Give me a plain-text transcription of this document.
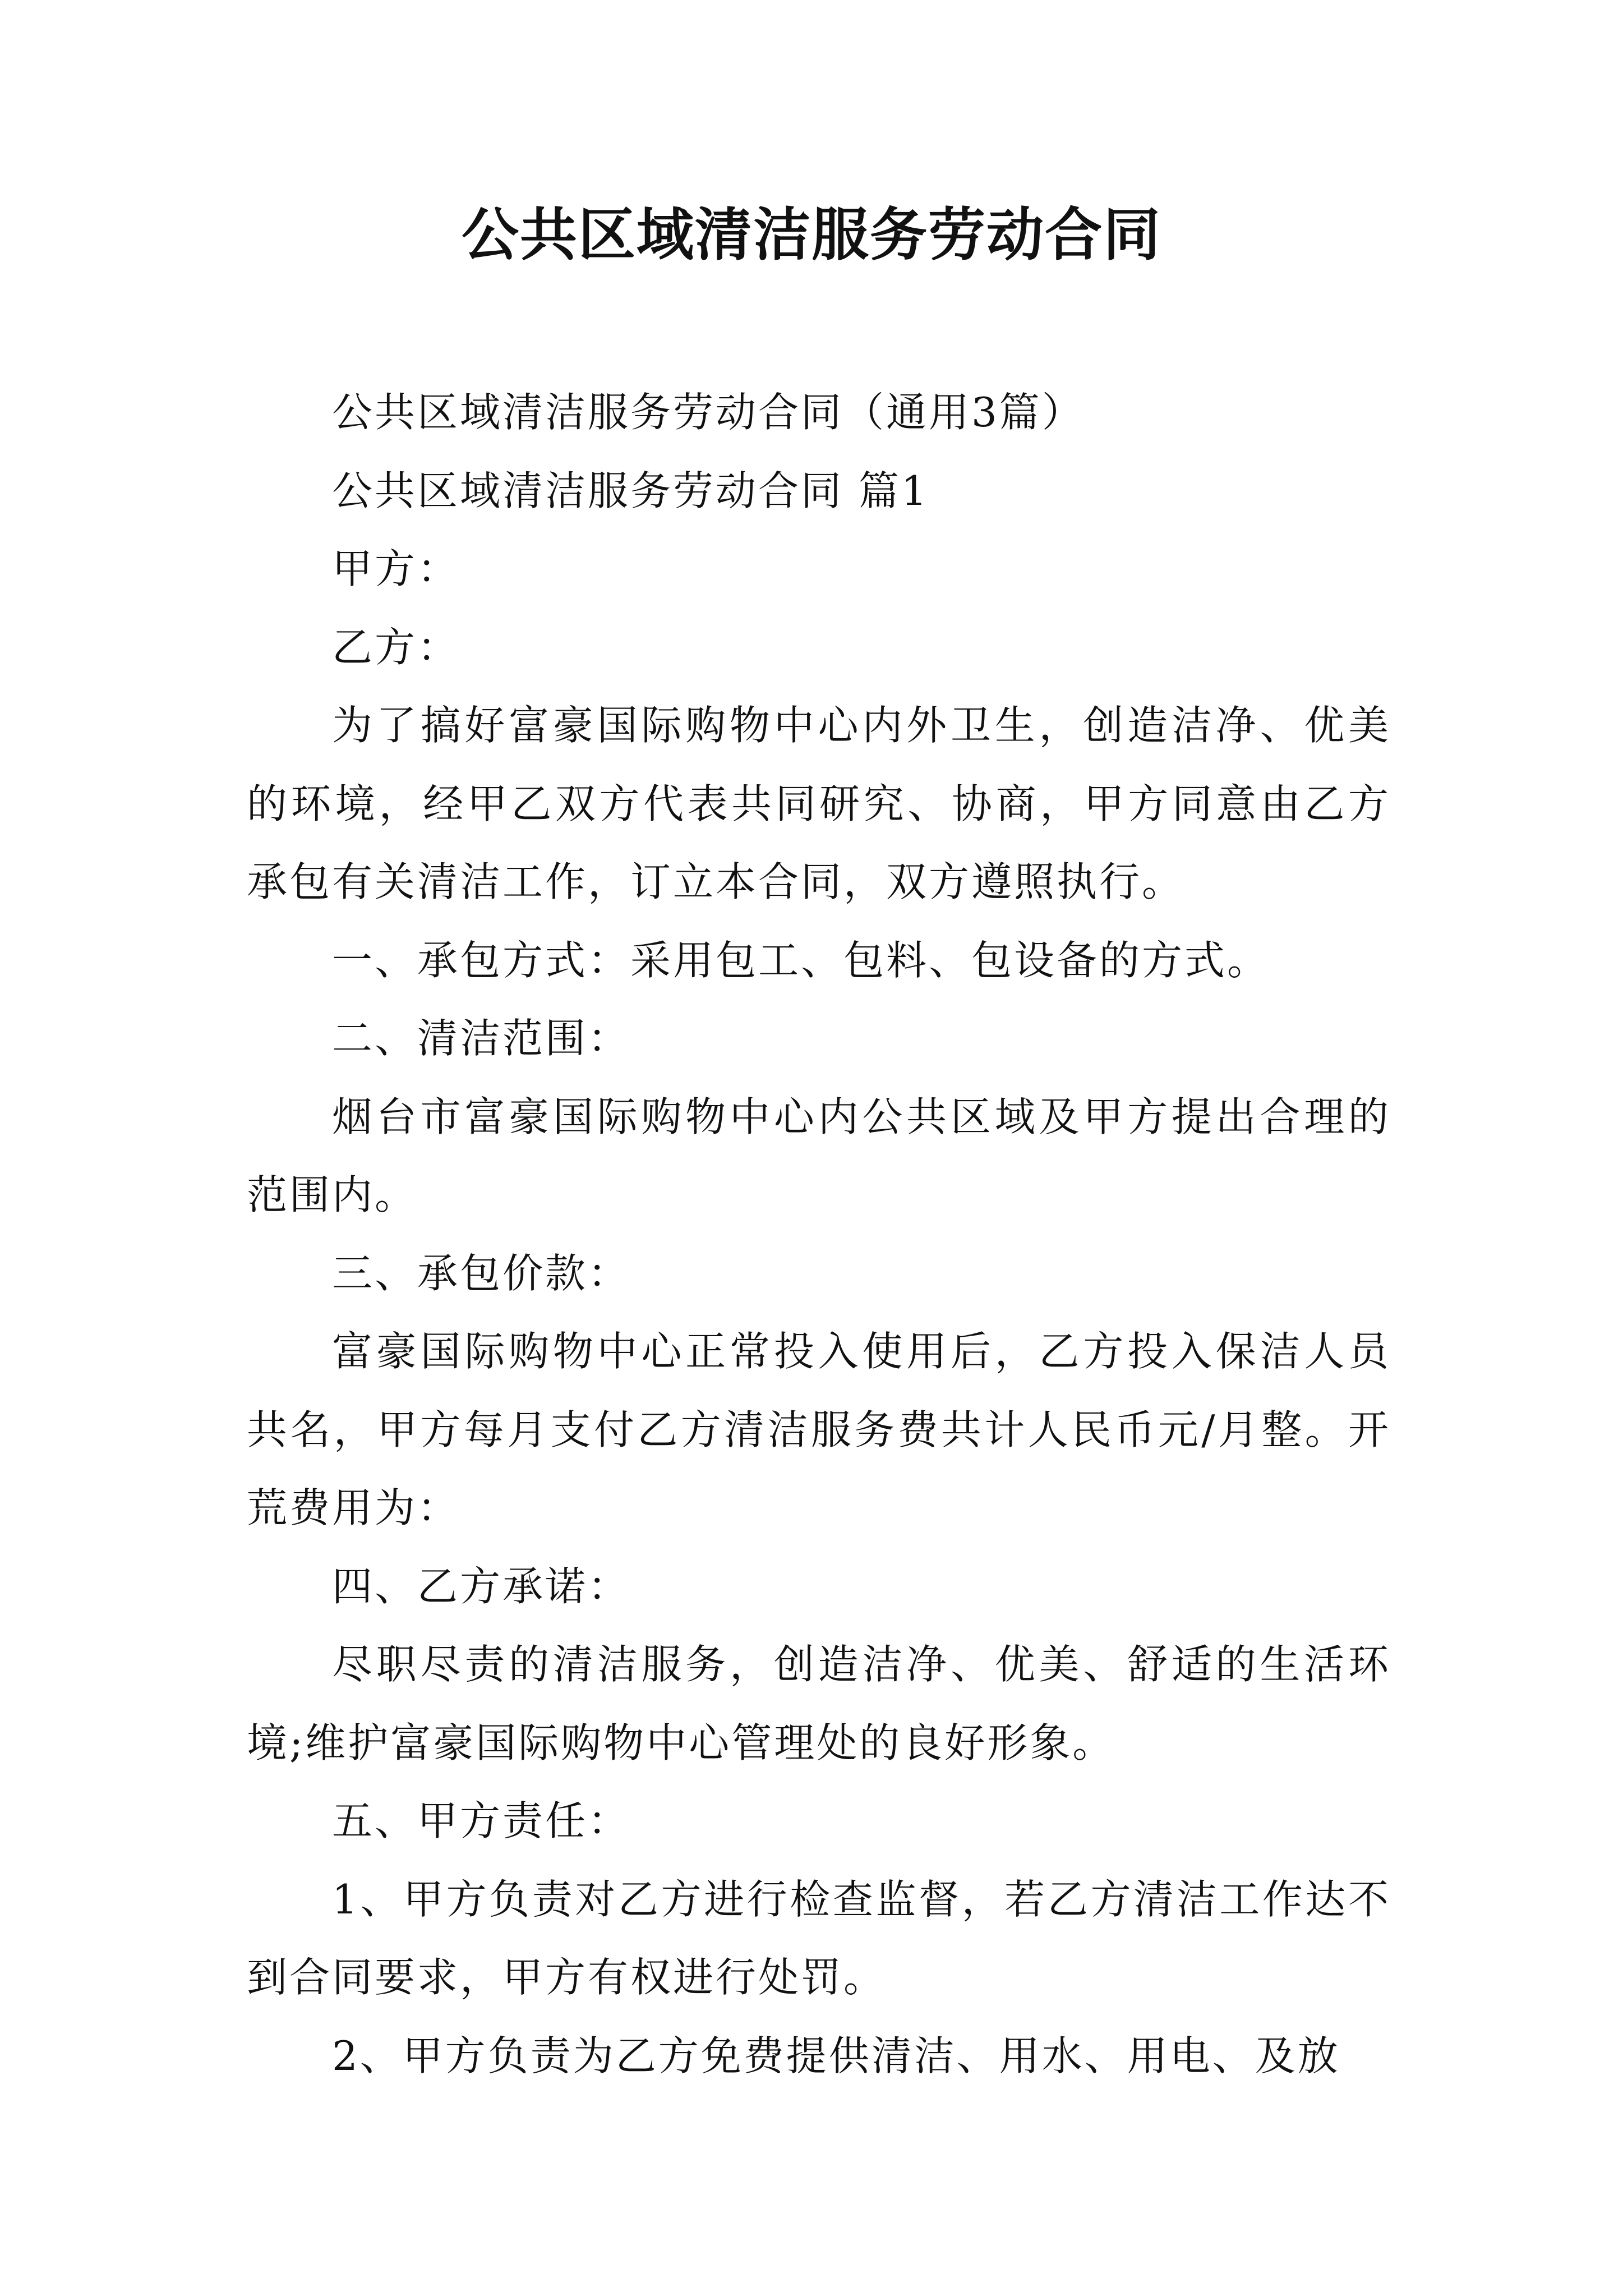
公共区域清洁服务劳动合同

公共区域清洁服务劳动合同（通用3篇）

公共区域清洁服务劳动合同 篇1

甲方：

乙方：

为了搞好富豪国际购物中心内外卫生，创造洁净、优美的环境，经甲乙双方代表共同研究、协商，甲方同意由乙方承包有关清洁工作，订立本合同，双方遵照执行。

一、承包方式：采用包工、包料、包设备的方式。

二、清洁范围：

烟台市富豪国际购物中心内公共区域及甲方提出合理的范围内。

三、承包价款：

富豪国际购物中心正常投入使用后，乙方投入保洁人员共名，甲方每月支付乙方清洁服务费共计人民币元/月整。开荒费用为：

四、乙方承诺：

尽职尽责的清洁服务，创造洁净、优美、舒适的生活环境;维护富豪国际购物中心管理处的良好形象。

五、甲方责任：

1、甲方负责对乙方进行检查监督，若乙方清洁工作达不到合同要求，甲方有权进行处罚。

2、甲方负责为乙方免费提供清洁、用水、用电、及放
